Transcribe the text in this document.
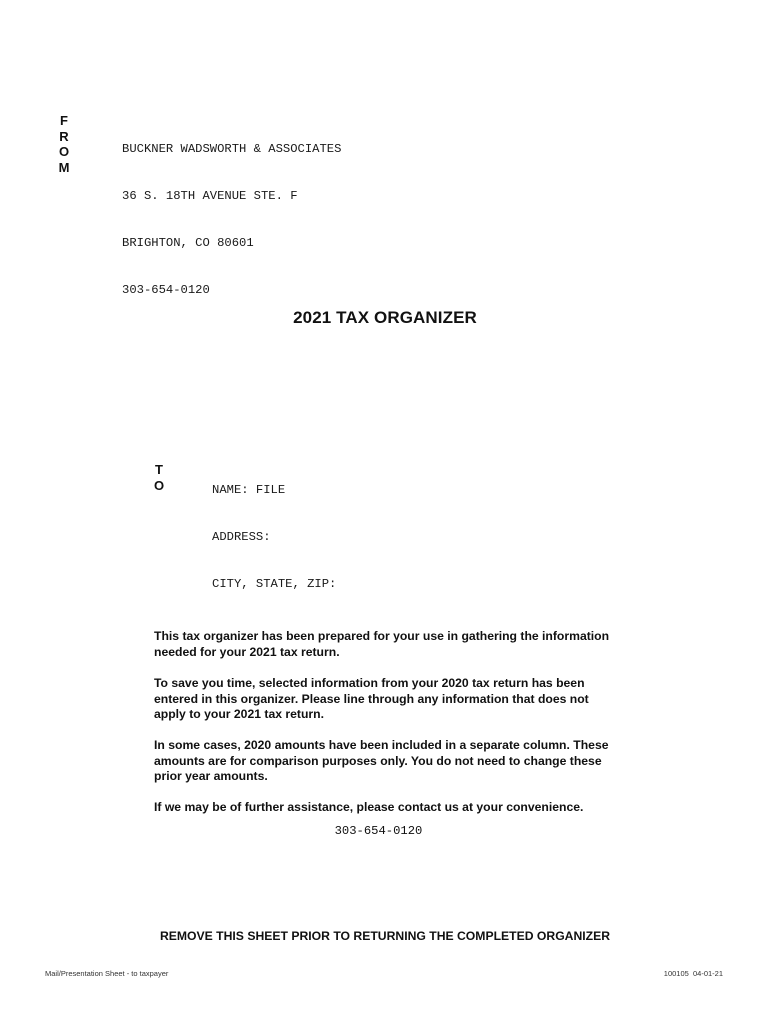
F
R
O
M

BUCKNER WADSWORTH & ASSOCIATES

36 S. 18TH AVENUE STE. F

BRIGHTON, CO 80601

303-654-0120

2021 TAX ORGANIZER
T
O

	NAME: FILE

ADDRESS:

CITY, STATE, ZIP:

This tax organizer has been prepared for your use in gathering the information

needed for your 2021 tax return.

To save you time, selected information from your 2020 tax return has been

entered in this organizer. Please line through any information that does not

apply to your 2021 tax return.

In some cases, 2020 amounts have been included in a separate column. These

amounts are for comparison purposes only. You do not need to change these

prior year amounts.

If we may be of further assistance, please contact us at your convenience.

303-654-0120
REMOVE THIS SHEET PRIOR TO RETURNING THE COMPLETED ORGANIZER
Mail/Presentation Sheet - to taxpayer	100105  04-01-21
